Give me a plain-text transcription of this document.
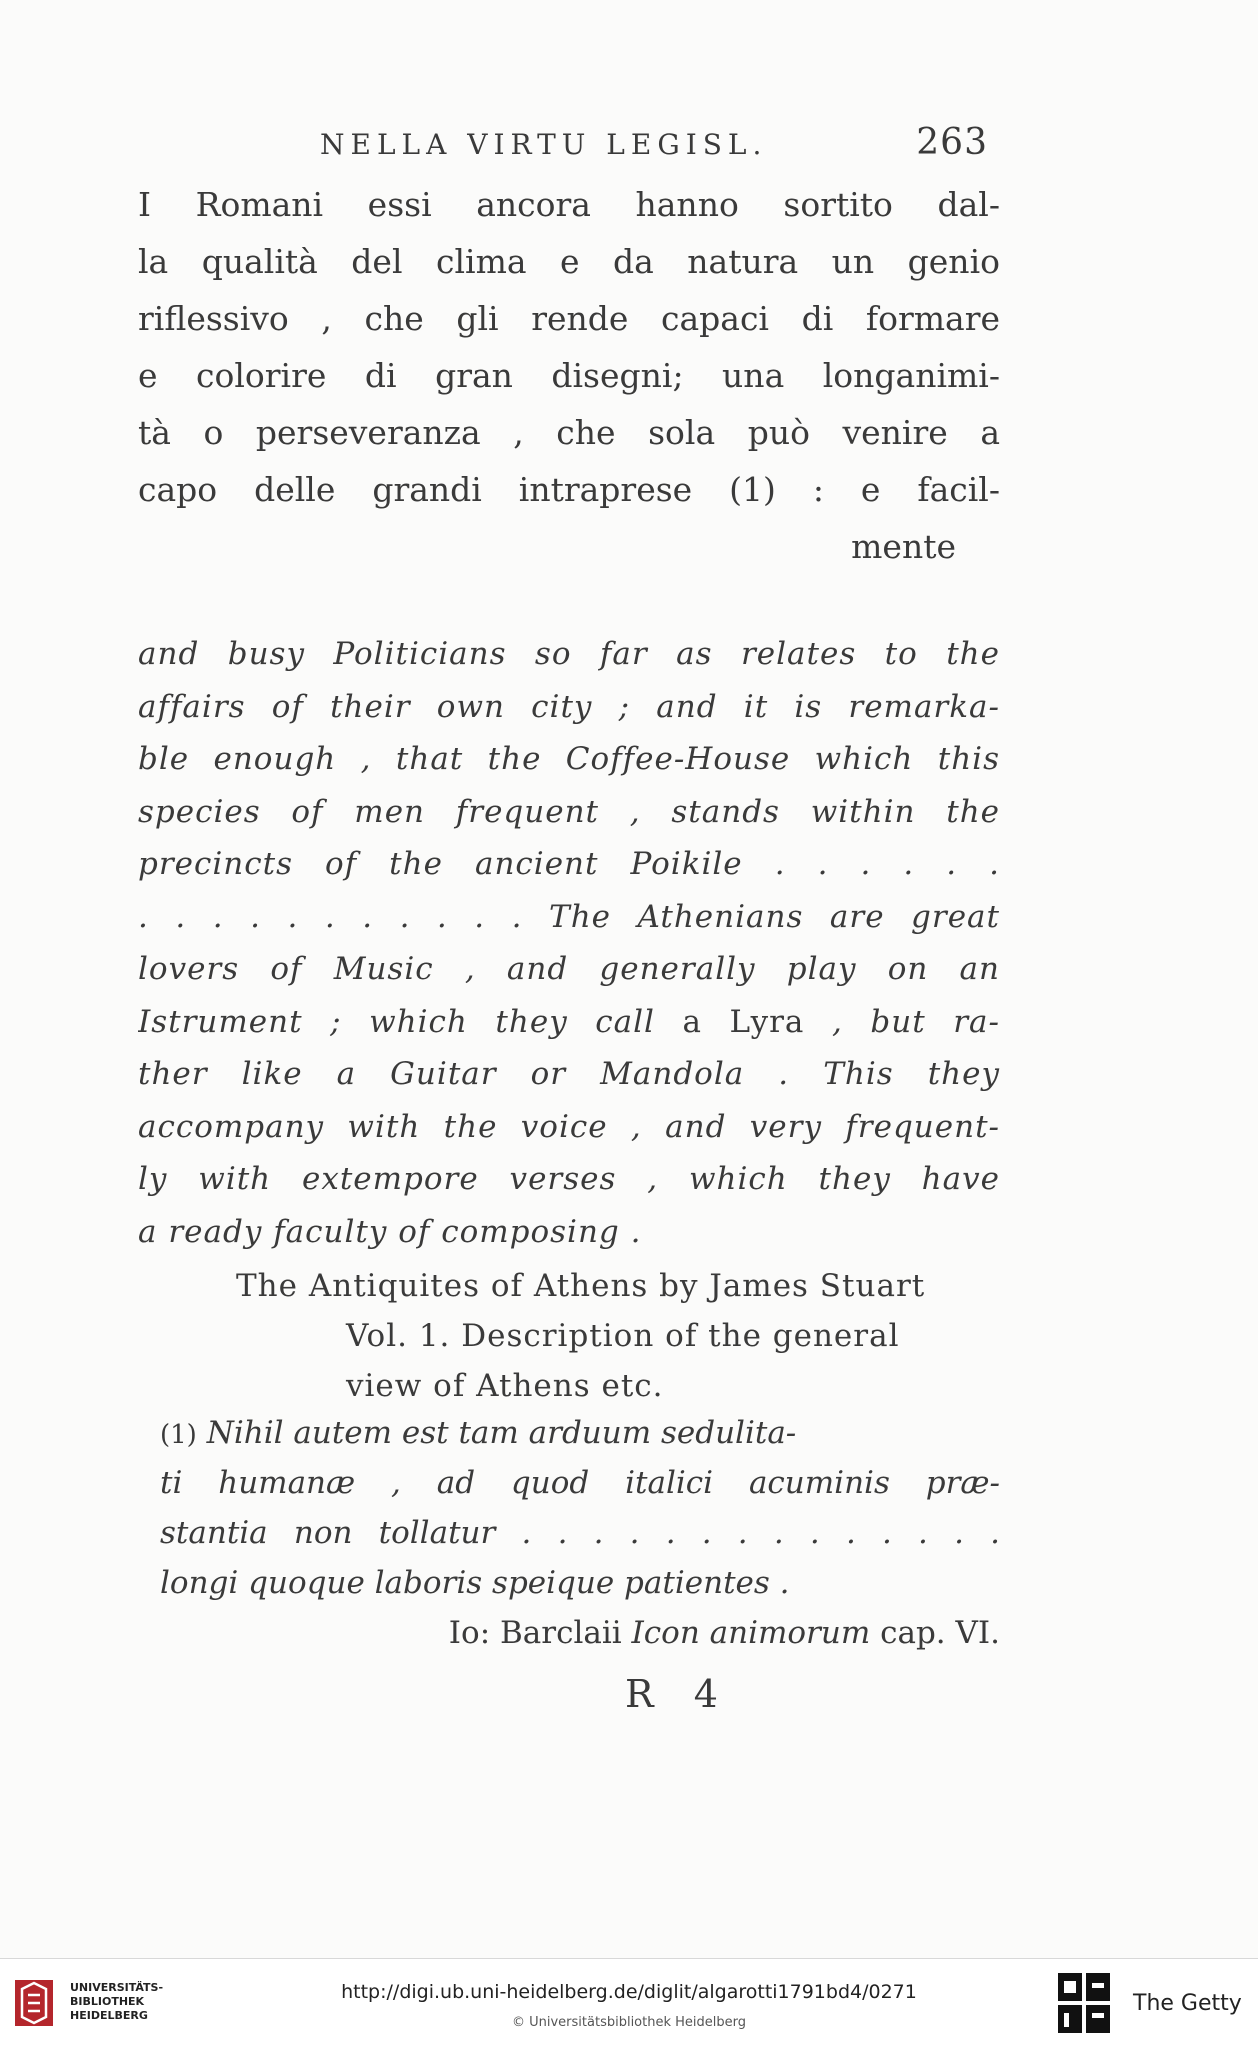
NELLA VIRTU LEGISL.	263
I Romani essi ancora hanno sortito dal-
la qualità del clima e da natura un genio
riflessivo , che gli rende capaci di formare
e colorire di gran disegni; una longanimi-
tà o perseveranza , che sola può venire a
capo delle grandi intraprese (1) : e facil-
mente
and busy Politicians so far as relates to the
affairs of their own city ; and it is remarka-
ble enough , that the Coffee-House which this
species of men frequent , stands within the
precincts of the ancient Poikile . . . . . .
. . . . . . . . . . . The Athenians are great
lovers of Music , and generally play on an
Istrument ; which they call a Lyra , but ra-
ther like a Guitar or Mandola . This they
accompany with the voice , and very frequent-
ly with extempore verses , which they have
a ready faculty of composing .
The Antiquites of Athens by James Stuart
Vol. 1. Description of the general
view of Athens etc.
(1) Nihil autem est tam arduum sedulita-
ti humanæ , ad quod italici acuminis præ-
stantia non tollatur . . . . . . . . . . . . . .
longi quoque laboris speique patientes .
Io: Barclaii Icon animorum cap. VI.
R 4
UNIVERSITÄTS-
BIBLIOTHEK
HEIDELBERG
http://digi.ub.uni-heidelberg.de/diglit/algarotti1791bd4/0271
© Universitätsbibliothek Heidelberg
The Getty
